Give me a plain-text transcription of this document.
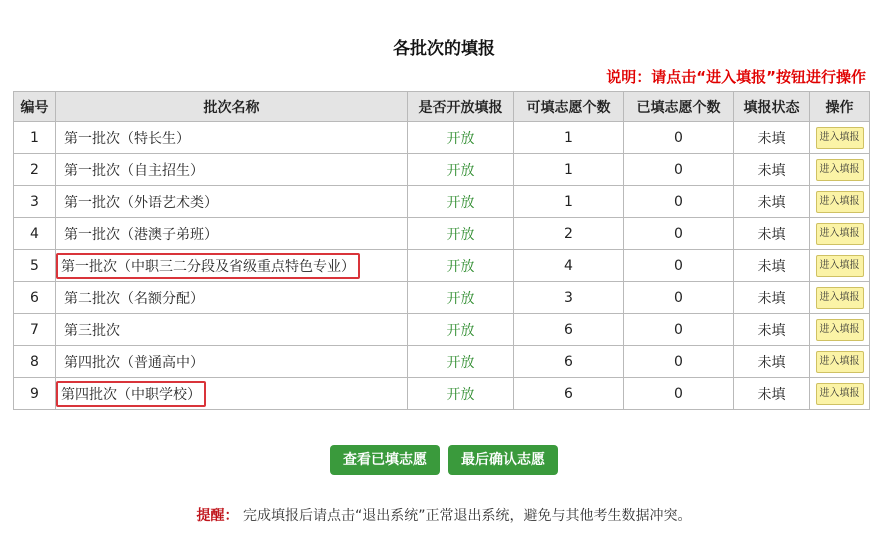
各批次的填报
说明：请点击“进入填报”按钮进行操作
编号	批次名称	是否开放填报	可填志愿个数	已填志愿个数	填报状态	操作
1	第一批次（特长生）	开放	1	0	未填	进入填报
2	第一批次（自主招生）	开放	1	0	未填	进入填报
3	第一批次（外语艺术类）	开放	1	0	未填	进入填报
4	第一批次（港澳子弟班）	开放	2	0	未填	进入填报
5	第一批次（中职三二分段及省级重点特色专业）	开放	4	0	未填	进入填报
6	第二批次（名额分配）	开放	3	0	未填	进入填报
7	第三批次	开放	6	0	未填	进入填报
8	第四批次（普通高中）	开放	6	0	未填	进入填报
9	第四批次（中职学校）	开放	6	0	未填	进入填报
查看已填志愿 最后确认志愿
提醒： 完成填报后请点击“退出系统”正常退出系统，避免与其他考生数据冲突。
